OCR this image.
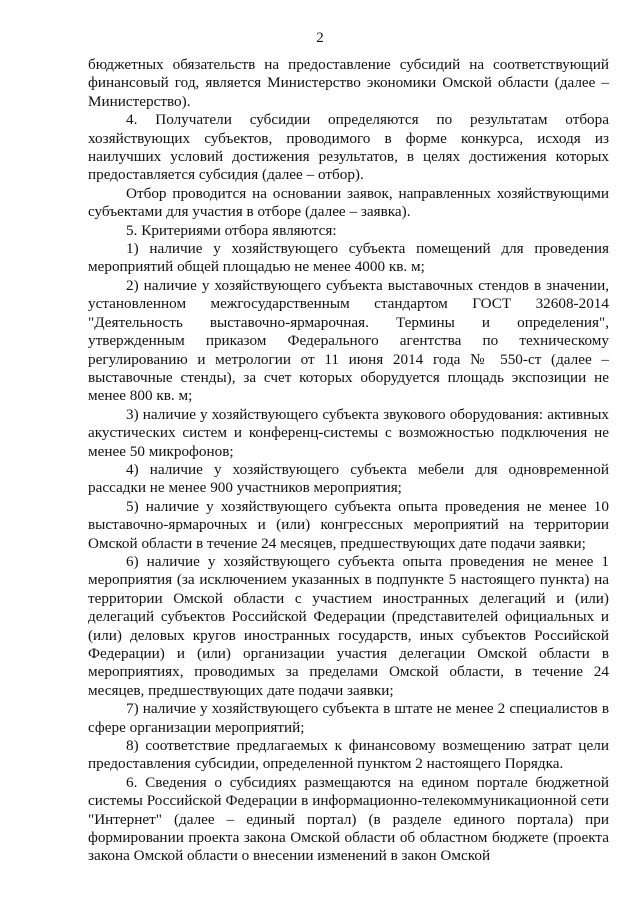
2

бюджетных обязательств на предоставление субсидий на соответствующий финансовый год, является Министерство экономики Омской области (далее – Министерство).

4. Получатели субсидии определяются по результатам отбора хозяйствующих субъектов, проводимого в форме конкурса, исходя из наилучших условий достижения результатов, в целях достижения которых предоставляется субсидия (далее – отбор).

Отбор проводится на основании заявок, направленных хозяйствующими субъектами для участия в отборе (далее – заявка).

5. Критериями отбора являются:

1) наличие у хозяйствующего субъекта помещений для проведения мероприятий общей площадью не менее 4000 кв. м;

2) наличие у хозяйствующего субъекта выставочных стендов в значении, установленном межгосударственным стандартом ГОСТ 32608-2014 "Деятельность выставочно-ярмарочная. Термины и определения", утвержденным приказом Федерального агентства по техническому регулированию и метрологии от 11 июня 2014 года № 550-ст (далее – выставочные стенды), за счет которых оборудуется площадь экспозиции не менее 800 кв. м;

3) наличие у хозяйствующего субъекта звукового оборудования: активных акустических систем и конференц-системы с возможностью подключения не менее 50 микрофонов;

4) наличие у хозяйствующего субъекта мебели для одновременной рассадки не менее 900 участников мероприятия;

5) наличие у хозяйствующего субъекта опыта проведения не менее 10 выставочно-ярмарочных и (или) конгрессных мероприятий на территории Омской области в течение 24 месяцев, предшествующих дате подачи заявки;

6) наличие у хозяйствующего субъекта опыта проведения не менее 1 мероприятия (за исключением указанных в подпункте 5 настоящего пункта) на территории Омской области с участием иностранных делегаций и (или) делегаций субъектов Российской Федерации (представителей официальных и (или) деловых кругов иностранных государств, иных субъектов Российской Федерации) и (или) организации участия делегации Омской области в мероприятиях, проводимых за пределами Омской области, в течение 24 месяцев, предшествующих дате подачи заявки;

7) наличие у хозяйствующего субъекта в штате не менее 2 специалистов в сфере организации мероприятий;

8) соответствие предлагаемых к финансовому возмещению затрат цели предоставления субсидии, определенной пунктом 2 настоящего Порядка.

6. Сведения о субсидиях размещаются на едином портале бюджетной системы Российской Федерации в информационно-телекоммуникационной сети "Интернет" (далее – единый портал) (в разделе единого портала) при формировании проекта закона Омской области об областном бюджете (проекта закона Омской области о внесении изменений в закон Омской
